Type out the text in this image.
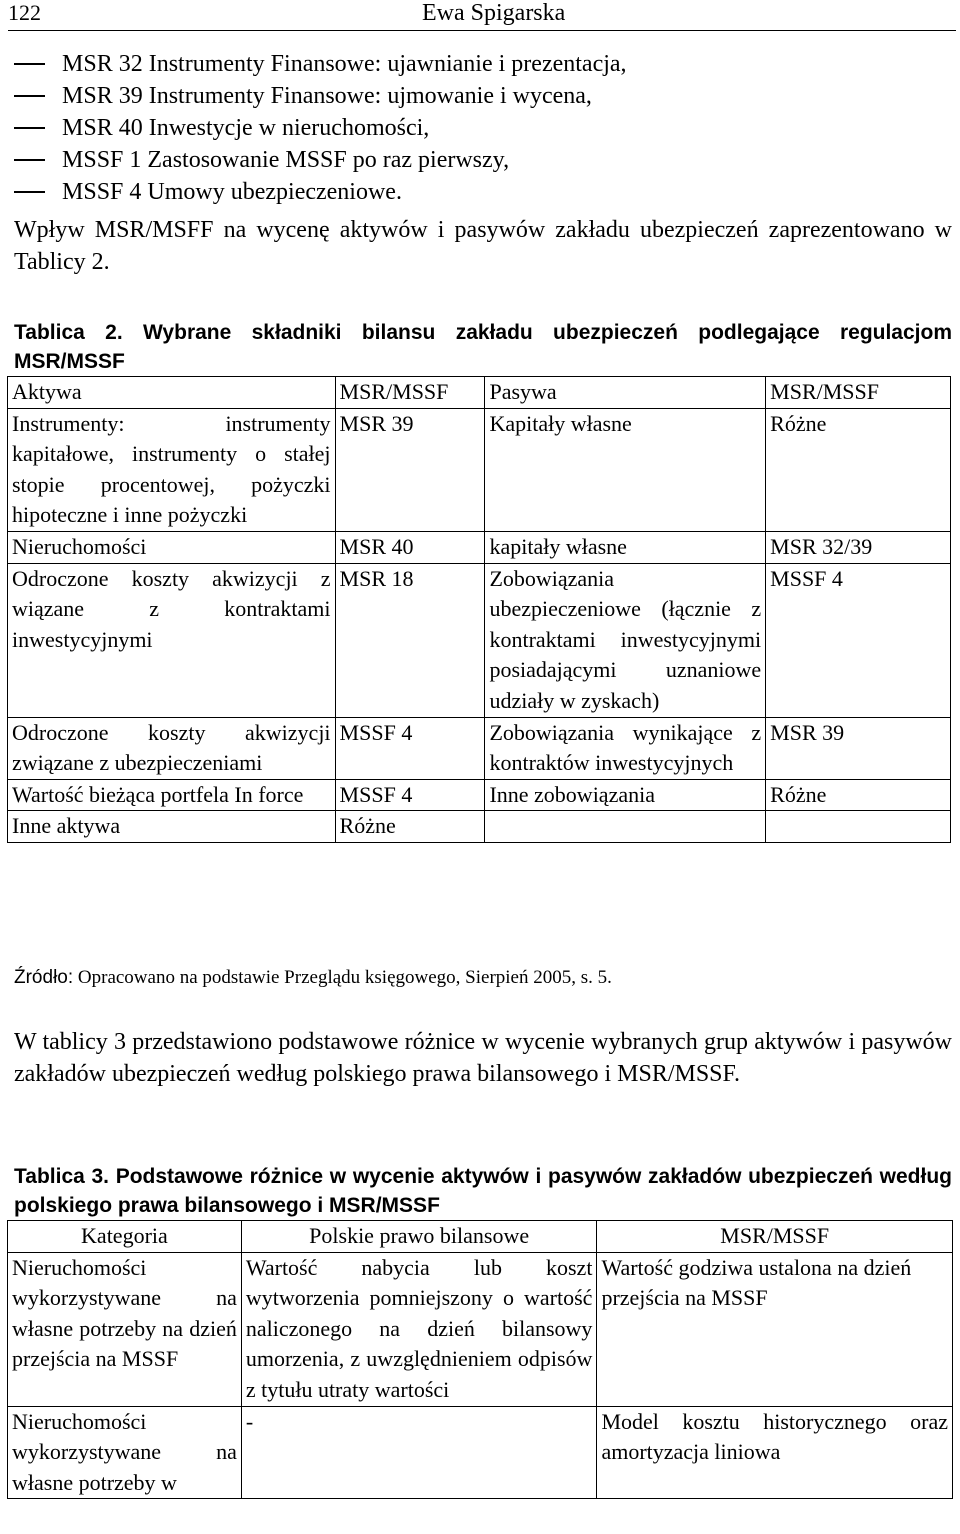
122	Ewa Spigarska
MSR 32 Instrumenty Finansowe: ujawnianie i prezentacja,
MSR 39 Instrumenty Finansowe: ujmowanie i wycena,
MSR 40 Inwestycje w nieruchomości,
MSSF 1 Zastosowanie MSSF po raz pierwszy,
MSSF 4 Umowy ubezpieczeniowe.
Wpływ MSR/MSFF na wycenę aktywów i pasywów zakładu ubezpieczeń zaprezentowano w Tablicy 2.
Tablica 2. Wybrane składniki bilansu zakładu ubezpieczeń podlegające regulacjom MSR/MSSF
Aktywa	MSR/MSSF	Pasywa	MSR/MSSF
Instrumenty: instrumenty kapitałowe, instrumenty o stałej stopie procentowej, pożyczki hipoteczne i inne pożyczki	MSR 39	Kapitały własne	Różne
Nieruchomości	MSR 40	kapitały własne	MSR 32/39
Odroczone koszty akwizycji z wiązane z kontraktami inwestycyjnymi	MSR 18	Zobowiązania ubezpieczeniowe (łącznie z kontraktami inwestycyjnymi posiadającymi uznaniowe udziały w zyskach)	MSSF 4
Odroczone koszty akwizycji związane z ubezpieczeniami	MSSF 4	Zobowiązania wynikające z kontraktów inwestycyjnych	MSR 39
Wartość bieżąca portfela In force	MSSF 4	Inne zobowiązania	Różne
Inne aktywa	Różne		
Źródło: Opracowano na podstawie Przeglądu księgowego, Sierpień 2005, s. 5.
W tablicy 3 przedstawiono podstawowe różnice w wycenie wybranych grup aktywów i pasywów zakładów ubezpieczeń według polskiego prawa bilansowego i MSR/MSSF.
Tablica 3. Podstawowe różnice w wycenie aktywów i pasywów zakładów ubezpieczeń według polskiego prawa bilansowego i MSR/MSSF
Kategoria	Polskie prawo bilansowe	MSR/MSSF
Nieruchomości wykorzystywane na własne potrzeby na dzień przejścia na MSSF	Wartość nabycia lub koszt wytworzenia pomniejszony o wartość naliczonego na dzień bilansowy umorzenia, z uwzględnieniem odpisów z tytułu utraty wartości	Wartość godziwa ustalona na dzień przejścia na MSSF
Nieruchomości wykorzystywane na własne potrzeby w	-	Model kosztu historycznego oraz amortyzacja liniowa
